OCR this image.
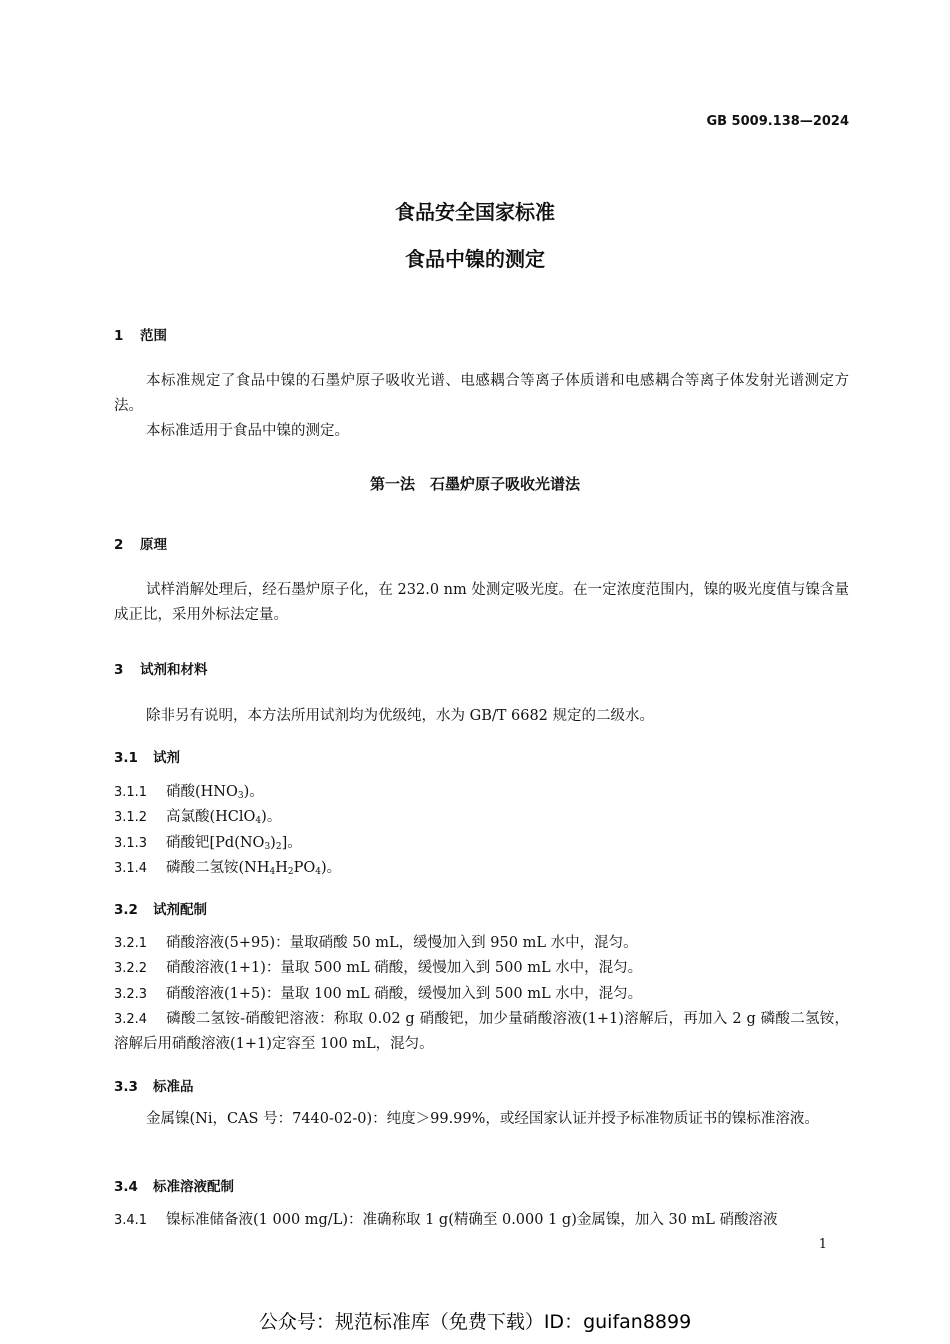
GB 5009.138—2024
食品安全国家标准
食品中镍的测定
1 范围

本标准规定了食品中镍的石墨炉原子吸收光谱、电感耦合等离子体质谱和电感耦合等离子体发射光谱测定方法。

本标准适用于食品中镍的测定。

第一法　石墨炉原子吸收光谱法
2 原理

试样消解处理后，经石墨炉原子化，在 232.0 nm 处测定吸光度。在一定浓度范围内，镍的吸光度值与镍含量成正比，采用外标法定量。

3 试剂和材料

除非另有说明，本方法所用试剂均为优级纯，水为 GB/T 6682 规定的二级水。

3.1 试剂
3.1.1 硝酸$(HNO_3)$。
3.1.2 高氯酸(HClO$_4$)。
3.1.3 硝酸钯$[Pd(NO_3)_2]$。
3.1.4 磷酸二氢铵$(NH_4H_2PO_4)$。
3.2 试剂配制
3.2.1 硝酸溶液(5+95)：量取硝酸 50 mL，缓慢加入到 950 mL 水中，混匀。
3.2.2 硝酸溶液(1+1)：量取 500 mL 硝酸，缓慢加入到 500 mL 水中，混匀。
3.2.3 硝酸溶液(1+5)：量取 100 mL 硝酸，缓慢加入到 500 mL 水中，混匀。
3.2.4 磷酸二氢铵-硝酸钯溶液：称取 0.02 g 硝酸钯，加少量硝酸溶液(1+1)溶解后，再加入 2 g 磷酸二氢铵，溶解后用硝酸溶液(1+1)定容至 100 mL，混匀。
3.3 标准品

金属镍(Ni，CAS 号：7440-02-0)：纯度＞99.99%，或经国家认证并授予标准物质证书的镍标准溶液。

3.4 标准溶液配制
3.4.1 镍标准储备液(1 000 mg/L)：准确称取 1 g(精确至 0.000 1 g)金属镍，加入 30 mL 硝酸溶液
1
公众号：规范标准库（免费下载）ID：guifan8899
